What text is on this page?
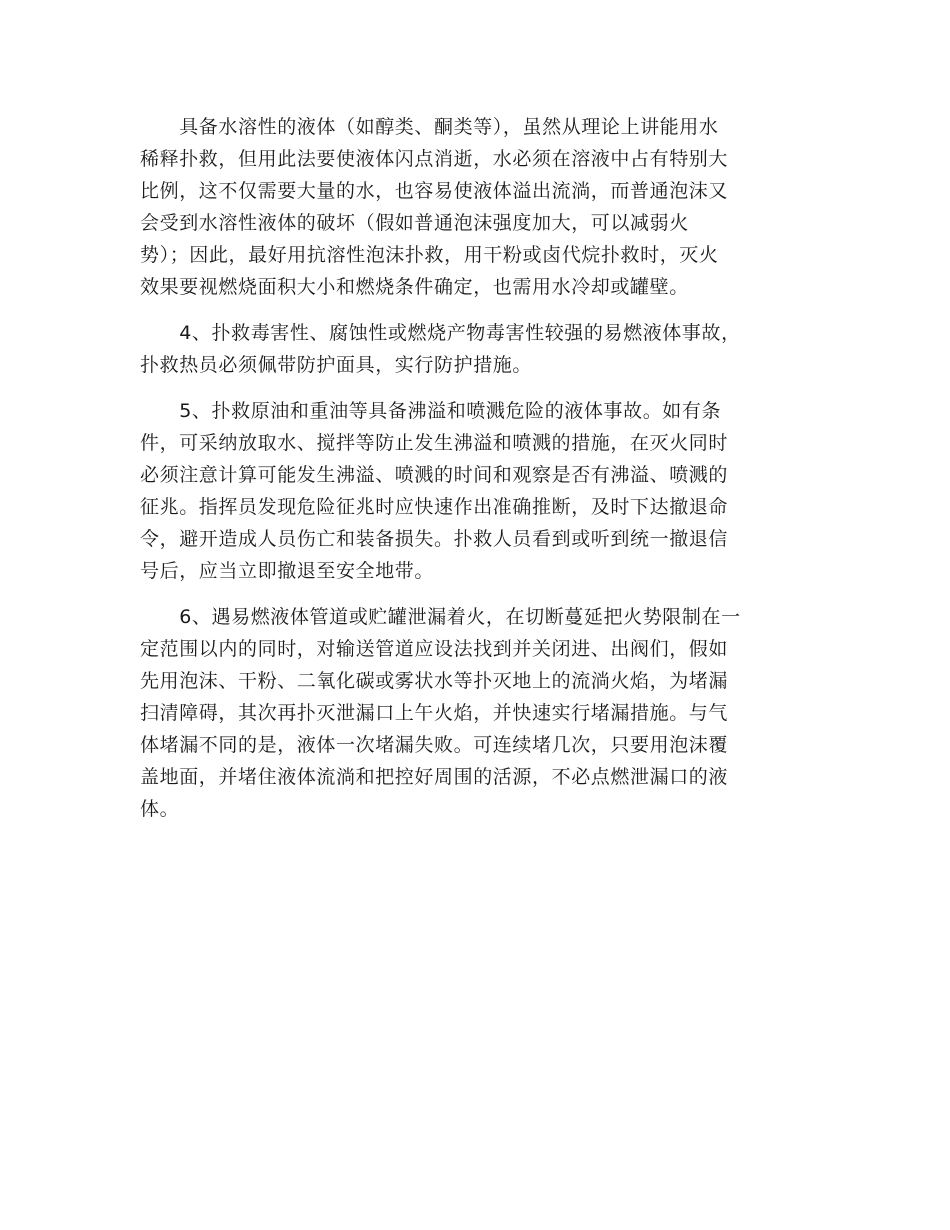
　　具备水溶性的液体（如醇类、酮类等），虽然从理论上讲能用水
稀释扑救，但用此法要使液体闪点消逝，水必须在溶液中占有特别大
比例，这不仅需要大量的水，也容易使液体溢出流淌，而普通泡沫又
会受到水溶性液体的破坏（假如普通泡沫强度加大，可以减弱火
势）；因此，最好用抗溶性泡沫扑救，用干粉或卤代烷扑救时，灭火
效果要视燃烧面积大小和燃烧条件确定，也需用水冷却或罐壁。
　　4、扑救毒害性、腐蚀性或燃烧产物毒害性较强的易燃液体事故，
扑救热员必须佩带防护面具，实行防护措施。
　　5、扑救原油和重油等具备沸溢和喷溅危险的液体事故。如有条
件，可采纳放取水、搅拌等防止发生沸溢和喷溅的措施，在灭火同时
必须注意计算可能发生沸溢、喷溅的时间和观察是否有沸溢、喷溅的
征兆。指挥员发现危险征兆时应快速作出准确推断，及时下达撤退命
令，避开造成人员伤亡和装备损失。扑救人员看到或听到统一撤退信
号后，应当立即撤退至安全地带。
　　6、遇易燃液体管道或贮罐泄漏着火，在切断蔓延把火势限制在一
定范围以内的同时，对输送管道应设法找到并关闭进、出阀们，假如
先用泡沫、干粉、二氧化碳或雾状水等扑灭地上的流淌火焰，为堵漏
扫清障碍，其次再扑灭泄漏口上午火焰，并快速实行堵漏措施。与气
体堵漏不同的是，液体一次堵漏失败。可连续堵几次，只要用泡沫覆
盖地面，并堵住液体流淌和把控好周围的活源，不必点燃泄漏口的液
体。
